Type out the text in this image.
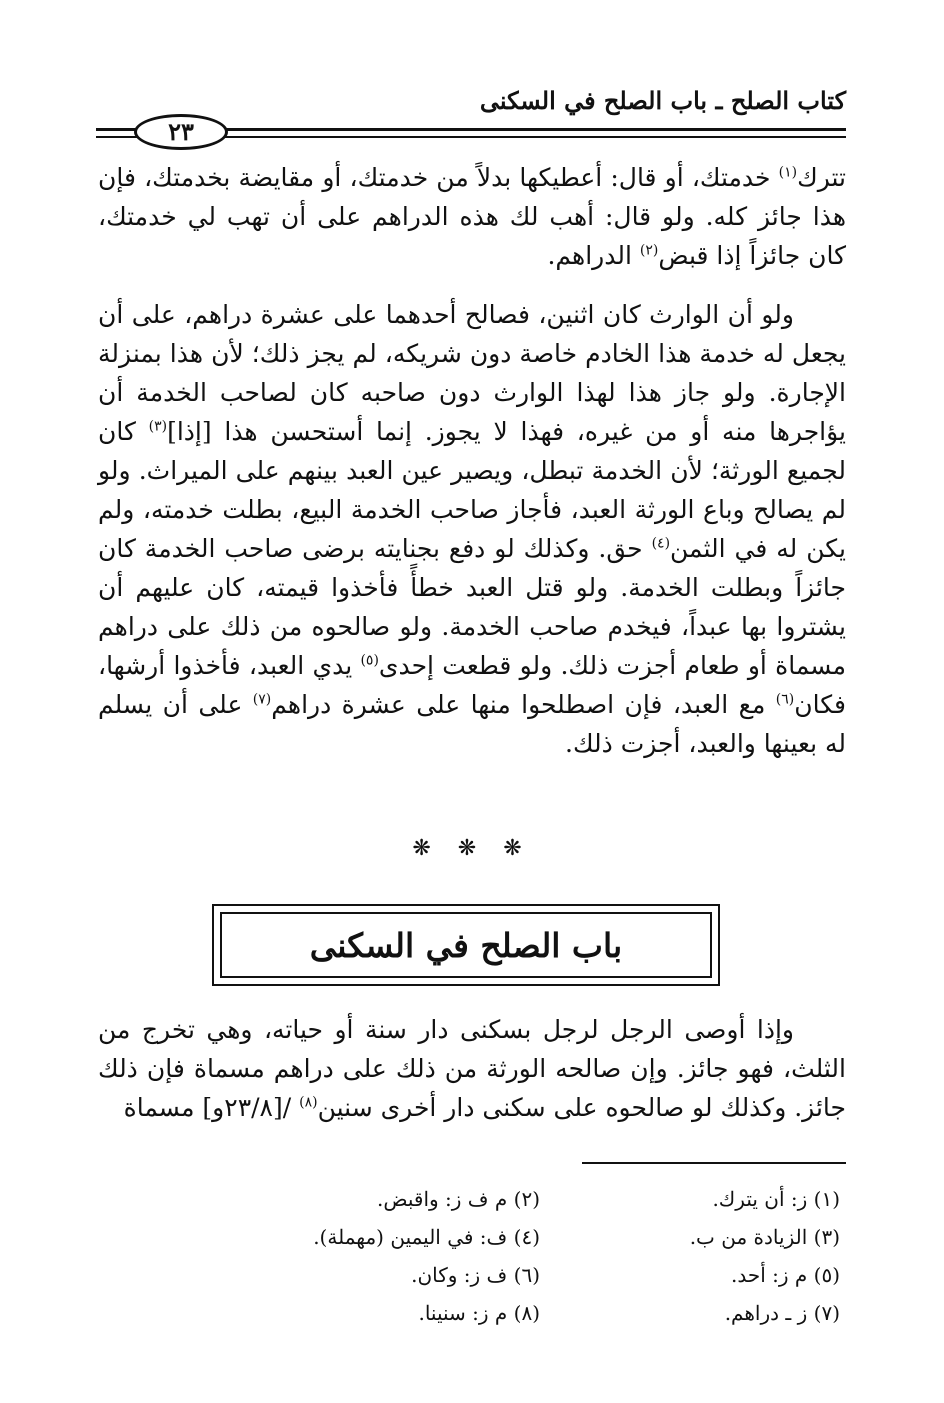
كتاب الصلح ـ باب الصلح في السكنى
٢٣

تترك$^{(١)}$ خدمتك، أو قال: أعطيكها بدلاً من خدمتك، أو مقايضة بخدمتك، فإن هذا جائز كله. ولو قال: أهب لك هذه الدراهم على أن تهب لي خدمتك، كان جائزاً إذا قبض$^{(٢)}$ الدراهم.

ولو أن الوارث كان اثنين، فصالح أحدهما على عشرة دراهم، على أن يجعل له خدمة هذا الخادم خاصة دون شريكه، لم يجز ذلك؛ لأن هذا بمنزلة الإجارة. ولو جاز هذا لهذا الوارث دون صاحبه كان لصاحب الخدمة أن يؤاجرها منه أو من غيره، فهذا لا يجوز. إنما أستحسن هذا [إذا]$^{(٣)}$ كان لجميع الورثة؛ لأن الخدمة تبطل، ويصير عين العبد بينهم على الميراث. ولو لم يصالح وباع الورثة العبد، فأجاز صاحب الخدمة البيع، بطلت خدمته، ولم يكن له في الثمن$^{(٤)}$ حق. وكذلك لو دفع بجنايته برضى صاحب الخدمة كان جائزاً وبطلت الخدمة. ولو قتل العبد خطأً فأخذوا قيمته، كان عليهم أن يشتروا بها عبداً، فيخدم صاحب الخدمة. ولو صالحوه من ذلك على دراهم مسماة أو طعام أجزت ذلك. ولو قطعت إحدى$^{(٥)}$ يدي العبد، فأخذوا أرشها، فكان$^{(٦)}$ مع العبد، فإن اصطلحوا منها على عشرة دراهم$^{(٧)}$ على أن يسلم له بعينها والعبد، أجزت ذلك.

❋ ❋ ❋
باب الصلح في السكنى

وإذا أوصى الرجل لرجل بسكنى دار سنة أو حياته، وهي تخرج من الثلث، فهو جائز. وإن صالحه الورثة من ذلك على دراهم مسماة فإن ذلك جائز. وكذلك لو صالحوه على سكنى دار أخرى سنين$^{(٨)}$ /[٢٣/٨و] مسماة

(١) ز: أن يترك.
(٢) م ف ز: واقبض.
(٣) الزيادة من ب.
(٤) ف: في اليمين (مهملة).
(٥) م ز: أحد.
(٦) ف ز: وكان.
(٧) ز ـ دراهم.
(٨) م ز: سنينا.
